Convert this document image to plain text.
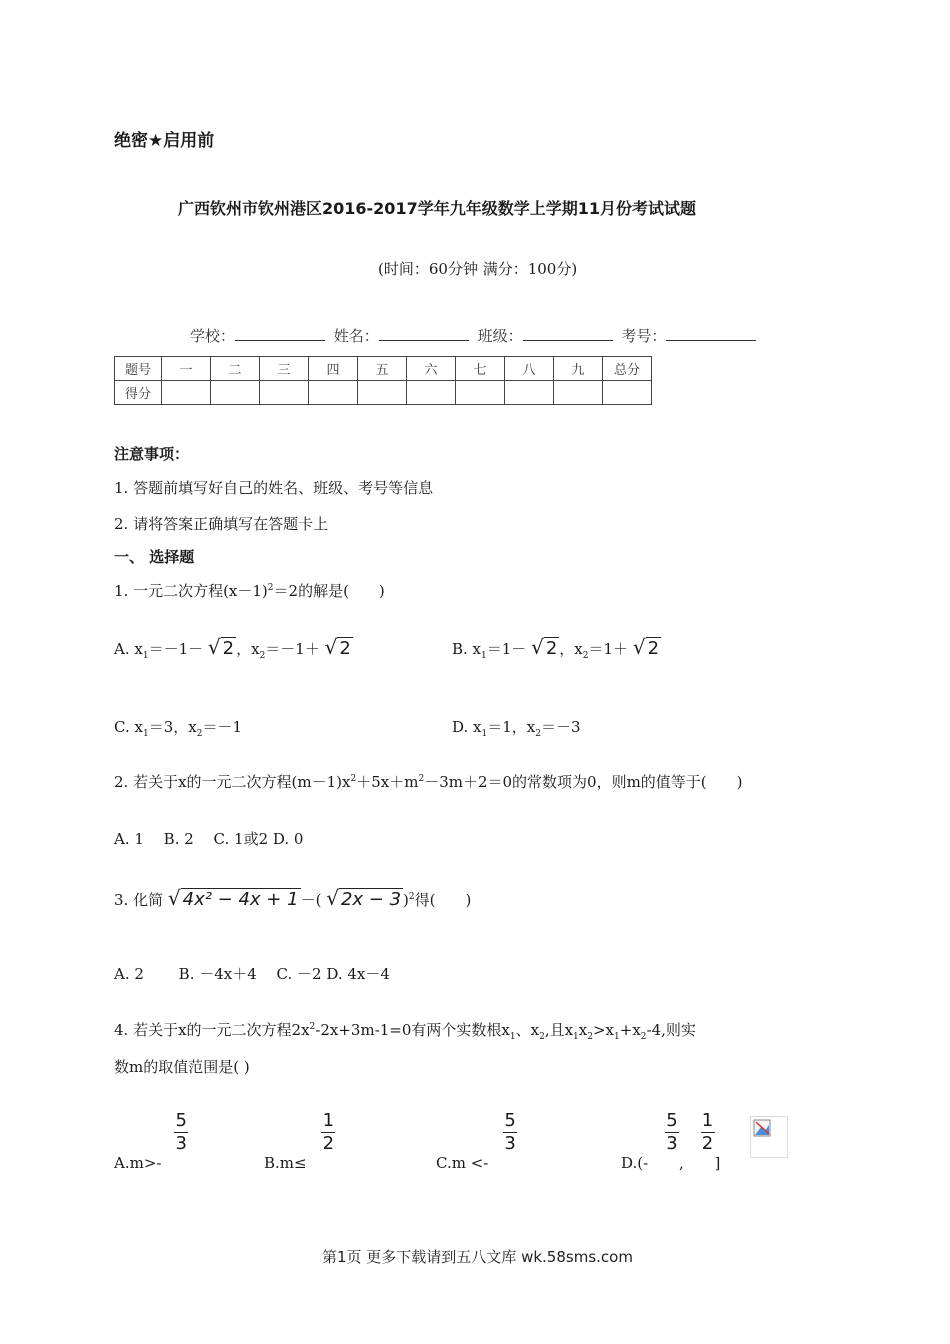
绝密★启用前
广西钦州市钦州港区2016-2017学年九年级数学上学期11月份考试试题
(时间：60分钟 满分：100分)
学校：	姓名：	班级：	考号：
题号	一	二	三	四	五	六	七	八	九	总分
得分										
注意事项：
1. 答题前填写好自己的姓名、班级、考号等信息
2. 请将答案正确填写在答题卡上
一、 选择题
1. 一元二次方程$(x-1)^2=2$的解是(　　)
A. $x_1=-1-$ √ 2 ，$x_2=-1+$ √ 2	B. $x_1=1-$ √ 2 ，$x_2=1+$ √ 2
C. $x_1=3$，$x_2=-1$	D. $x_1=1$，$x_2=-3$
2. 若关于x的一元二次方程$(m-1)x^2+5x+m^2-3m+2=0$的常数项为0，则m的值等于(　　)
A. 1　 B. 2　 C. 1或2 D. 0
3. 化简 √ 4x² − 4x + 1 －( √ 2x − 3 )$^2$得(　　)
A. 2　　 B. －4x＋4　 C. －2 D. 4x－4
4. 若关于x的一元二次方程$2x^2-2x+3m-1=0$有两个实数根$x_1$、$x_2$,且$x_1x_2>x_1+x_2-4$,则实
数m的取值范围是( )
A.m>-
$\frac{5}{3}$
B.m≤
$\frac{1}{2}$
C.m <-
$\frac{5}{3}$
D.(-
$\frac{5}{3}$
,
$\frac{1}{2}$
]
第1页 更多下载请到五八文库 wk.58sms.com
